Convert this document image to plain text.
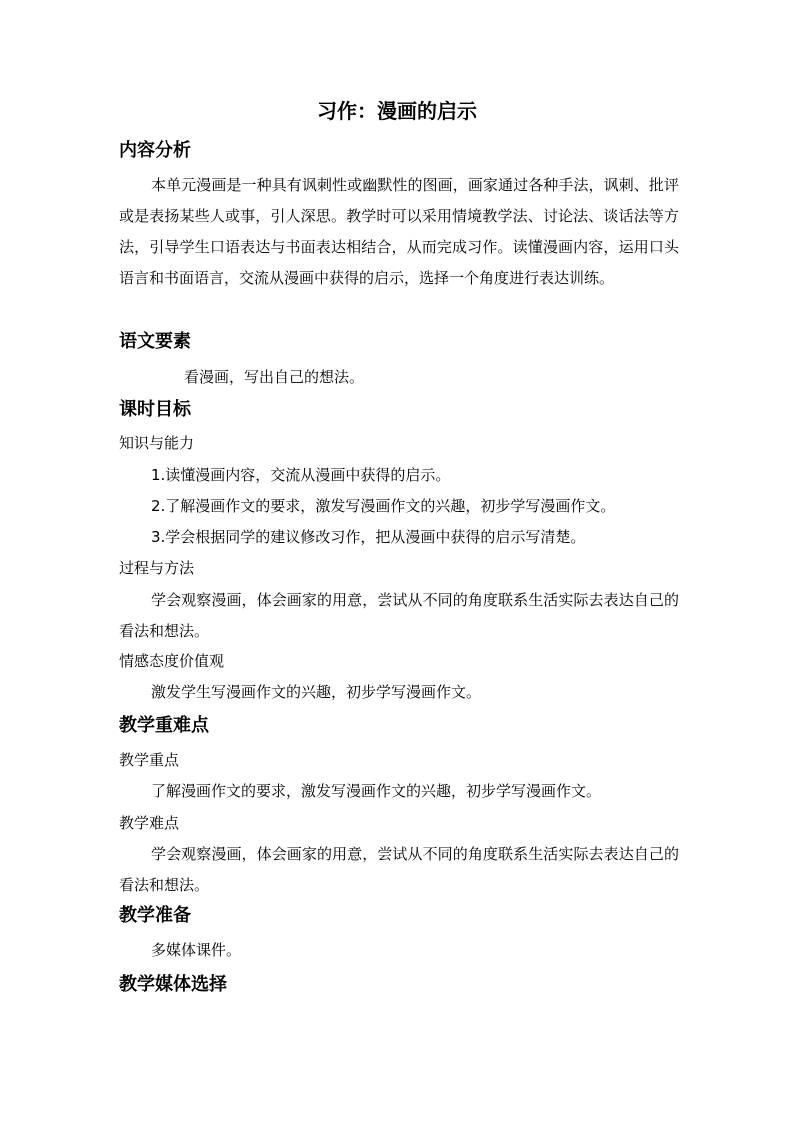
习作：漫画的启示
内容分析

本单元漫画是一种具有讽刺性或幽默性的图画，画家通过各种手法，讽刺、批评或是表扬某些人或事，引人深思。教学时可以采用情境教学法、讨论法、谈话法等方法，引导学生口语表达与书面表达相结合，从而完成习作。读懂漫画内容，运用口头语言和书面语言，交流从漫画中获得的启示，选择一个角度进行表达训练。

语文要素
看漫画，写出自己的想法。
课时目标
知识与能力
1.读懂漫画内容，交流从漫画中获得的启示。
2.了解漫画作文的要求，激发写漫画作文的兴趣，初步学写漫画作文。
3.学会根据同学的建议修改习作，把从漫画中获得的启示写清楚。
过程与方法

学会观察漫画，体会画家的用意，尝试从不同的角度联系生活实际去表达自己的看法和想法。

情感态度价值观
激发学生写漫画作文的兴趣，初步学写漫画作文。
教学重难点
教学重点
了解漫画作文的要求，激发写漫画作文的兴趣，初步学写漫画作文。
教学难点

学会观察漫画，体会画家的用意，尝试从不同的角度联系生活实际去表达自己的看法和想法。

教学准备
多媒体课件。
教学媒体选择
